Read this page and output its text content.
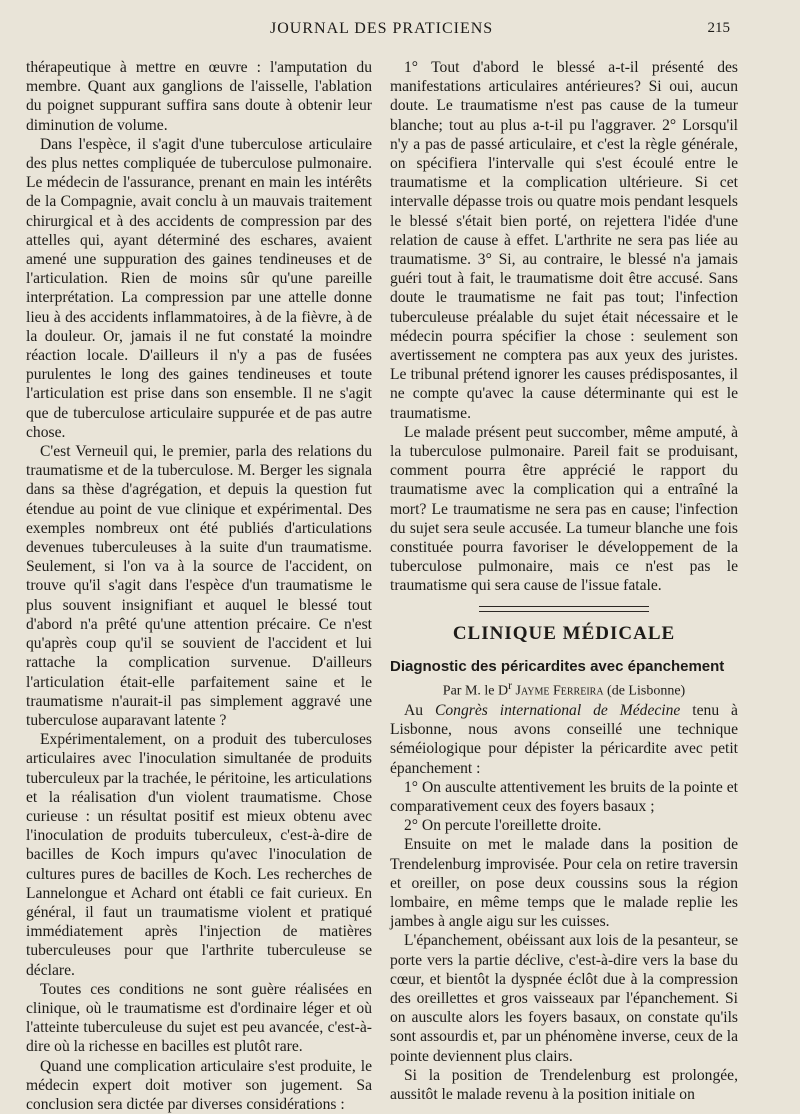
JOURNAL DES PRATICIENS	215

thérapeutique à mettre en œuvre : l'amputation du membre. Quant aux ganglions de l'aisselle, l'ablation du poignet suppurant suffira sans doute à obtenir leur diminution de volume.

Dans l'espèce, il s'agit d'une tuberculose articulaire des plus nettes compliquée de tuberculose pulmonaire. Le médecin de l'assurance, prenant en main les intérêts de la Compagnie, avait conclu à un mauvais traitement chirurgical et à des accidents de compression par des attelles qui, ayant déterminé des eschares, avaient amené une suppuration des gaines tendineuses et de l'articulation. Rien de moins sûr qu'une pareille interprétation. La compression par une attelle donne lieu à des accidents inflammatoires, à de la fièvre, à de la douleur. Or, jamais il ne fut constaté la moindre réaction locale. D'ailleurs il n'y a pas de fusées purulentes le long des gaines tendineuses et toute l'articulation est prise dans son ensemble. Il ne s'agit que de tuberculose articulaire suppurée et de pas autre chose.

C'est Verneuil qui, le premier, parla des relations du traumatisme et de la tuberculose. M. Berger les signala dans sa thèse d'agrégation, et depuis la question fut étendue au point de vue clinique et expérimental. Des exemples nombreux ont été publiés d'articulations devenues tuberculeuses à la suite d'un traumatisme. Seulement, si l'on va à la source de l'accident, on trouve qu'il s'agit dans l'espèce d'un traumatisme le plus souvent insignifiant et auquel le blessé tout d'abord n'a prêté qu'une attention précaire. Ce n'est qu'après coup qu'il se souvient de l'accident et lui rattache la complication survenue. D'ailleurs l'articulation était-elle parfaitement saine et le traumatisme n'aurait-il pas simplement aggravé une tuberculose auparavant latente ?

Expérimentalement, on a produit des tuberculoses articulaires avec l'inoculation simultanée de produits tuberculeux par la trachée, le péritoine, les articulations et la réalisation d'un violent traumatisme. Chose curieuse : un résultat positif est mieux obtenu avec l'inoculation de produits tuberculeux, c'est-à-dire de bacilles de Koch impurs qu'avec l'inoculation de cultures pures de bacilles de Koch. Les recherches de Lannelongue et Achard ont établi ce fait curieux. En général, il faut un traumatisme violent et pratiqué immédiatement après l'injection de matières tuberculeuses pour que l'arthrite tuberculeuse se déclare.

Toutes ces conditions ne sont guère réalisées en clinique, où le traumatisme est d'ordinaire léger et où l'atteinte tuberculeuse du sujet est peu avancée, c'est-à-dire où la richesse en bacilles est plutôt rare.

Quand une complication articulaire s'est produite, le médecin expert doit motiver son jugement. Sa conclusion sera dictée par diverses considérations :

1° Tout d'abord le blessé a-t-il présenté des manifestations articulaires antérieures? Si oui, aucun doute. Le traumatisme n'est pas cause de la tumeur blanche; tout au plus a-t-il pu l'aggraver. 2° Lorsqu'il n'y a pas de passé articulaire, et c'est la règle générale, on spécifiera l'intervalle qui s'est écoulé entre le traumatisme et la complication ultérieure. Si cet intervalle dépasse trois ou quatre mois pendant lesquels le blessé s'était bien porté, on rejettera l'idée d'une relation de cause à effet. L'arthrite ne sera pas liée au traumatisme. 3° Si, au contraire, le blessé n'a jamais guéri tout à fait, le traumatisme doit être accusé. Sans doute le traumatisme ne fait pas tout; l'infection tuberculeuse préalable du sujet était nécessaire et le médecin pourra spécifier la chose : seulement son avertissement ne comptera pas aux yeux des juristes. Le tribunal prétend ignorer les causes prédisposantes, il ne compte qu'avec la cause déterminante qui est le traumatisme.

Le malade présent peut succomber, même amputé, à la tuberculose pulmonaire. Pareil fait se produisant, comment pourra être apprécié le rapport du traumatisme avec la complication qui a entraîné la mort? Le traumatisme ne sera pas en cause; l'infection du sujet sera seule accusée. La tumeur blanche une fois constituée pourra favoriser le développement de la tuberculose pulmonaire, mais ce n'est pas le traumatisme qui sera cause de l'issue fatale.

CLINIQUE MÉDICALE

Diagnostic des péricardites avec épanchement

Par M. le $D^r$ Jayme Ferreira (de Lisbonne)

Au Congrès international de Médecine tenu à Lisbonne, nous avons conseillé une technique séméiologique pour dépister la péricardite avec petit épanchement :

1° On ausculte attentivement les bruits de la pointe et comparativement ceux des foyers basaux ;

2° On percute l'oreillette droite.

Ensuite on met le malade dans la position de Trendelenburg improvisée. Pour cela on retire traversin et oreiller, on pose deux coussins sous la région lombaire, en même temps que le malade replie les jambes à angle aigu sur les cuisses.

L'épanchement, obéissant aux lois de la pesanteur, se porte vers la partie déclive, c'est-à-dire vers la base du cœur, et bientôt la dyspnée éclôt due à la compression des oreillettes et gros vaisseaux par l'épanchement. Si on ausculte alors les foyers basaux, on constate qu'ils sont assourdis et, par un phénomène inverse, ceux de la pointe deviennent plus clairs.

Si la position de Trendelenburg est prolongée, aussitôt le malade revenu à la position initiale on
